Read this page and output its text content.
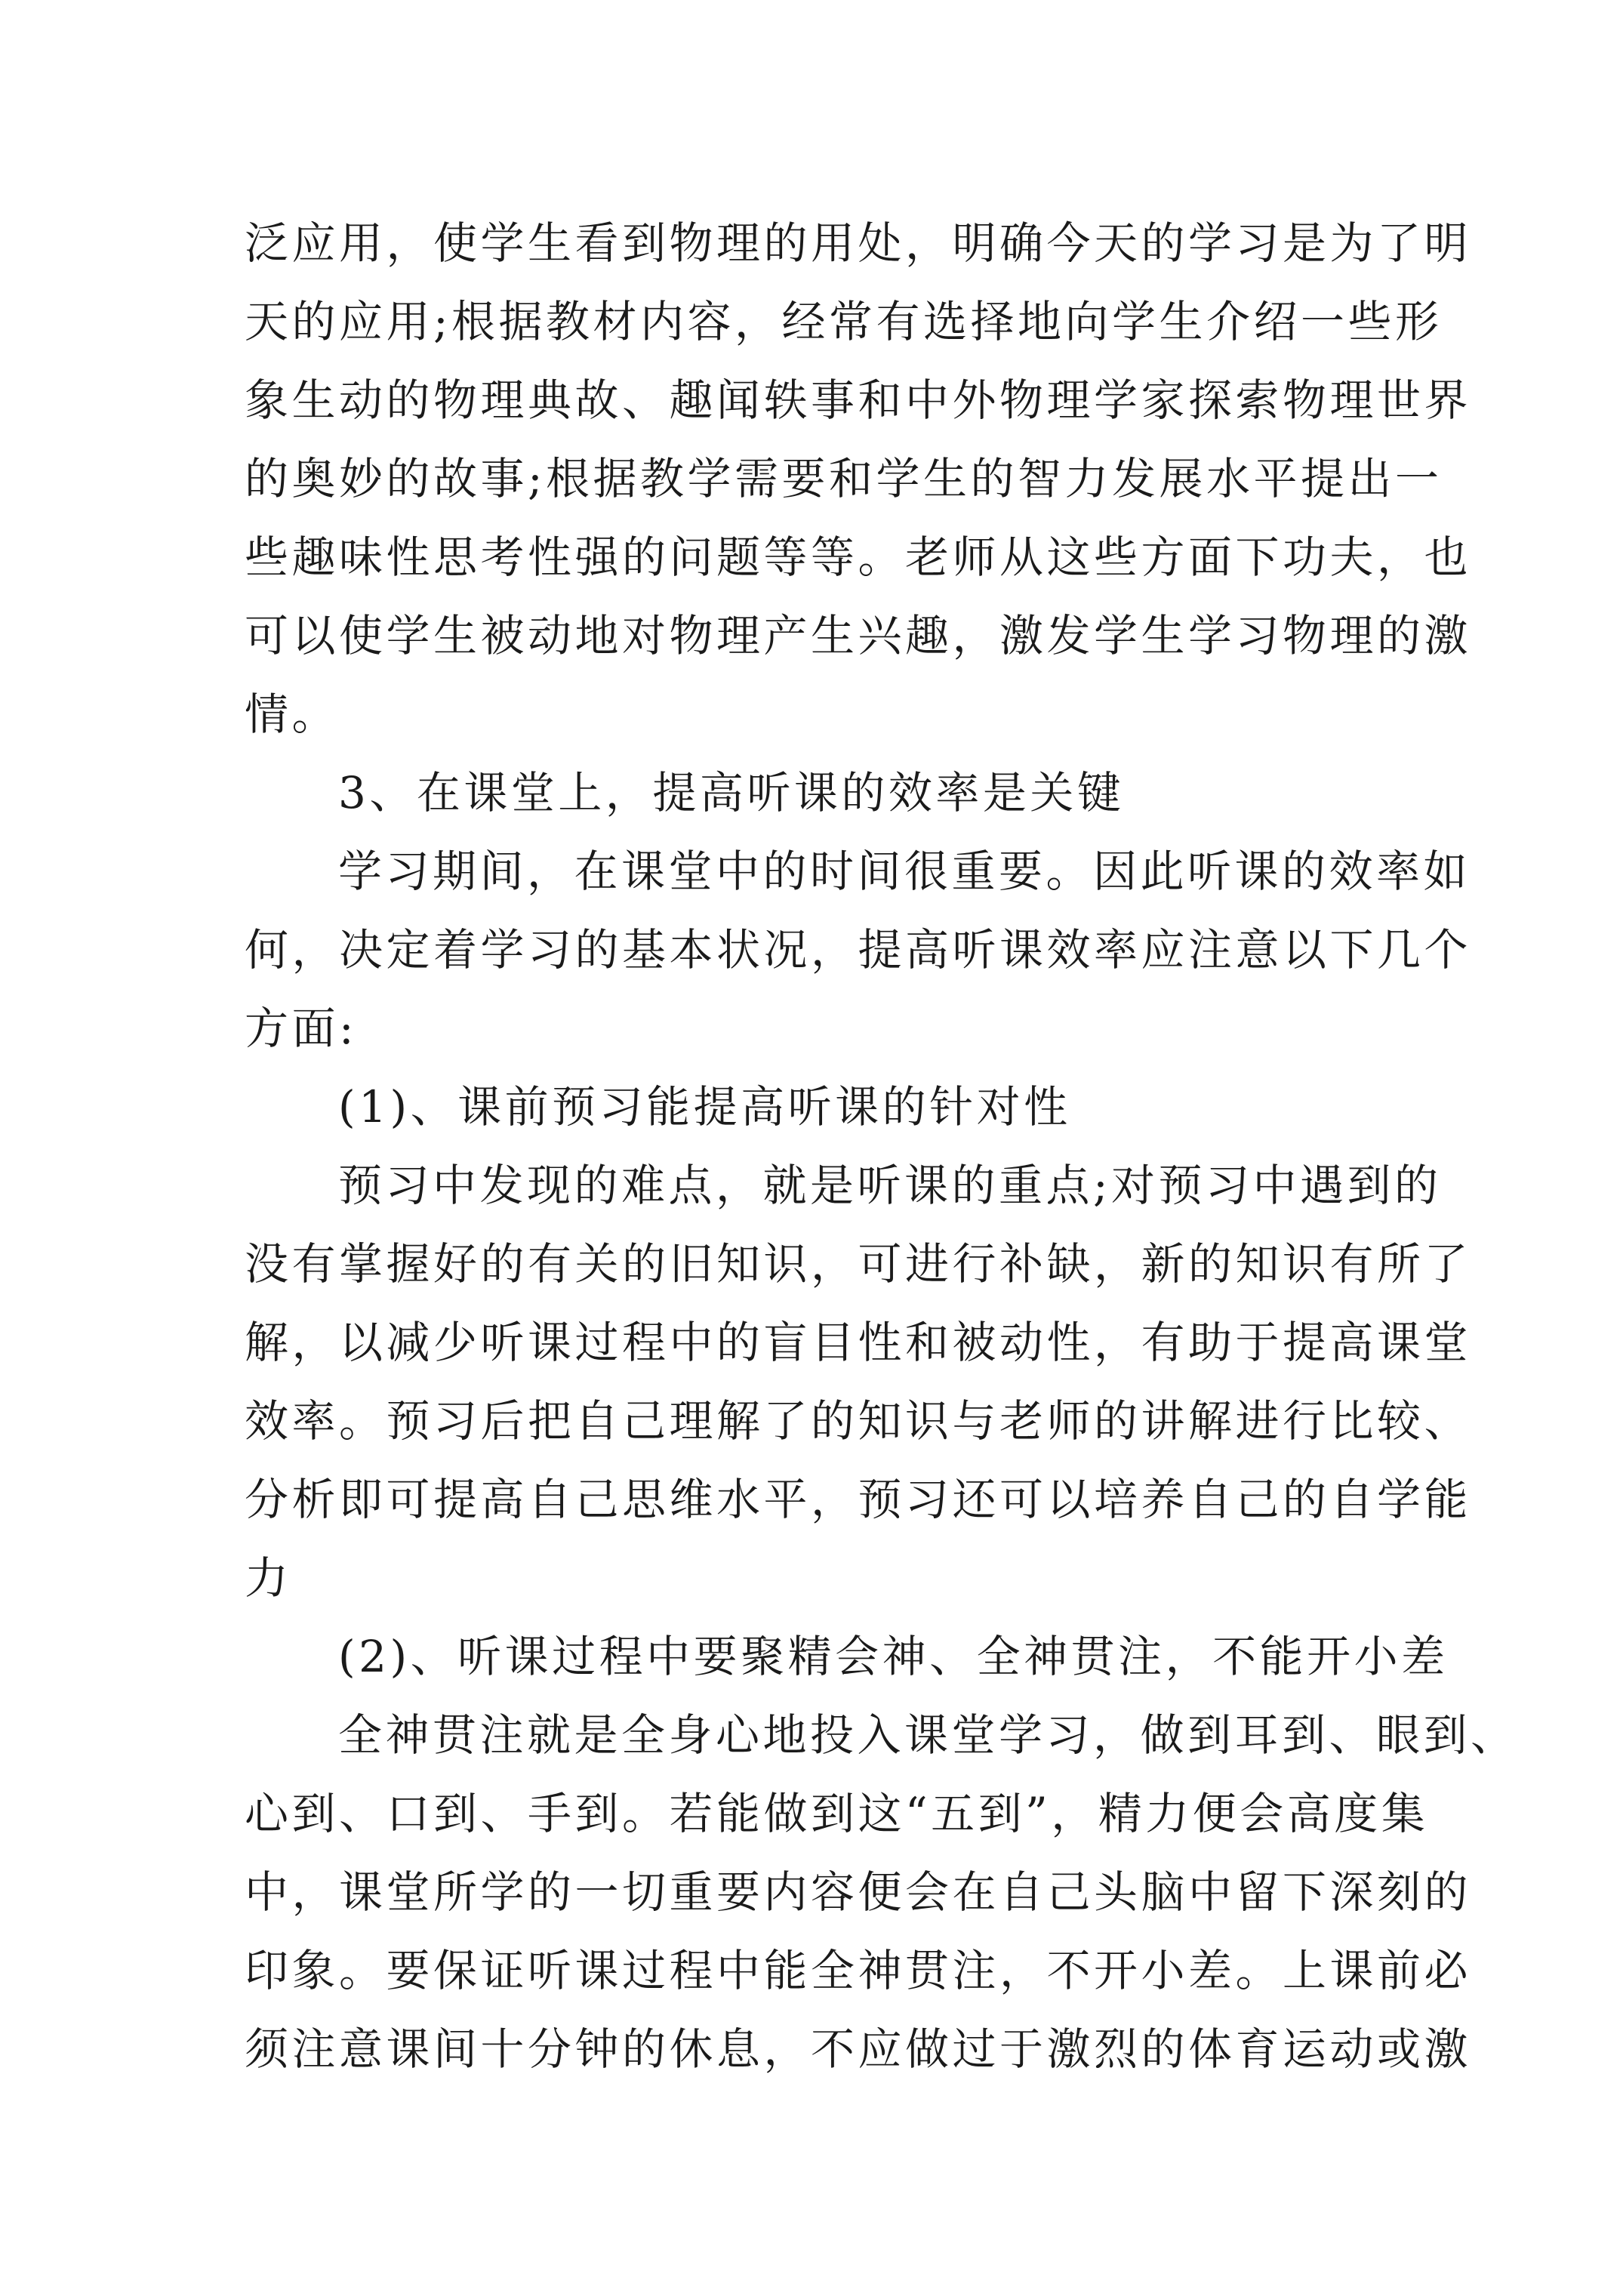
泛应用，使学生看到物理的用处，明确今天的学习是为了明
天的应用;根据教材内容，经常有选择地向学生介绍一些形
象生动的物理典故、趣闻轶事和中外物理学家探索物理世界
的奥妙的故事;根据教学需要和学生的智力发展水平提出一
些趣味性思考性强的问题等等。老师从这些方面下功夫，也
可以使学生被动地对物理产生兴趣，激发学生学习物理的激
情。
3、在课堂上，提高听课的效率是关键
学习期间，在课堂中的时间很重要。因此听课的效率如
何，决定着学习的基本状况，提高听课效率应注意以下几个
方面:
(1)、课前预习能提高听课的针对性
预习中发现的难点，就是听课的重点;对预习中遇到的
没有掌握好的有关的旧知识，可进行补缺，新的知识有所了
解，以减少听课过程中的盲目性和被动性，有助于提高课堂
效率。预习后把自己理解了的知识与老师的讲解进行比较、
分析即可提高自己思维水平，预习还可以培养自己的自学能
力
(2)、听课过程中要聚精会神、全神贯注，不能开小差
全神贯注就是全身心地投入课堂学习，做到耳到、眼到、
心到、口到、手到。若能做到这“五到”，精力便会高度集
中，课堂所学的一切重要内容便会在自己头脑中留下深刻的
印象。要保证听课过程中能全神贯注，不开小差。上课前必
须注意课间十分钟的休息，不应做过于激烈的体育运动或激
